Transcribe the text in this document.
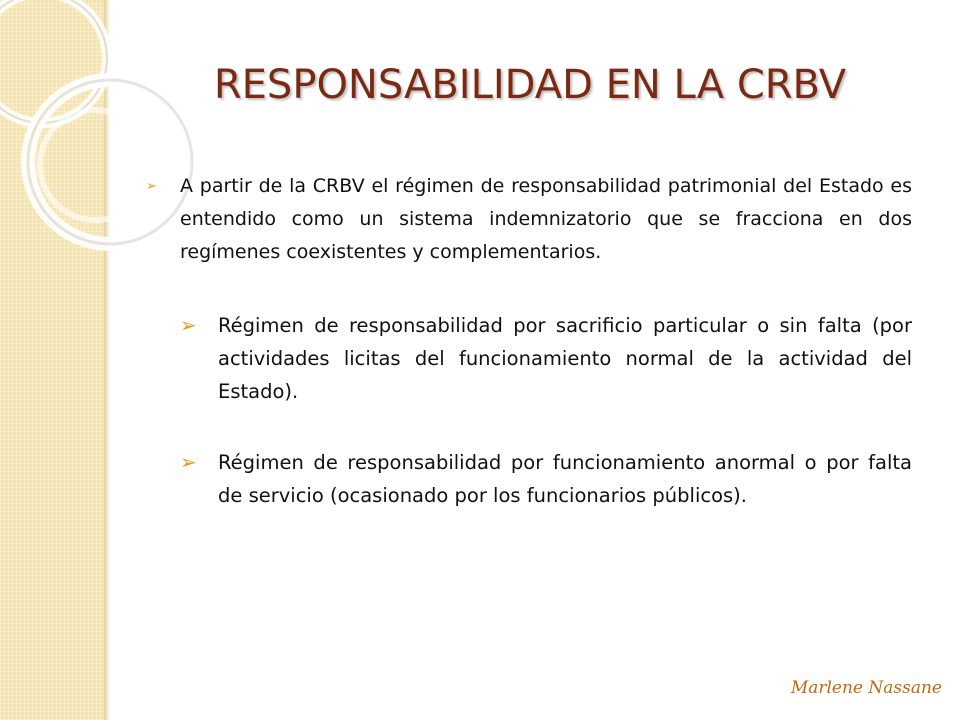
RESPONSABILIDAD EN LA CRBV

➢ A partir de la CRBV el régimen de responsabilidad patrimonial del Estado es entendido como un sistema indemnizatorio que se fracciona en dos regímenes coexistentes y complementarios.

➢ Régimen de responsabilidad por sacrificio particular o sin falta (por actividades licitas del funcionamiento normal de la actividad del Estado).

➢ Régimen de responsabilidad por funcionamiento anormal o por falta de servicio (ocasionado por los funcionarios públicos).

Marlene Nassane
